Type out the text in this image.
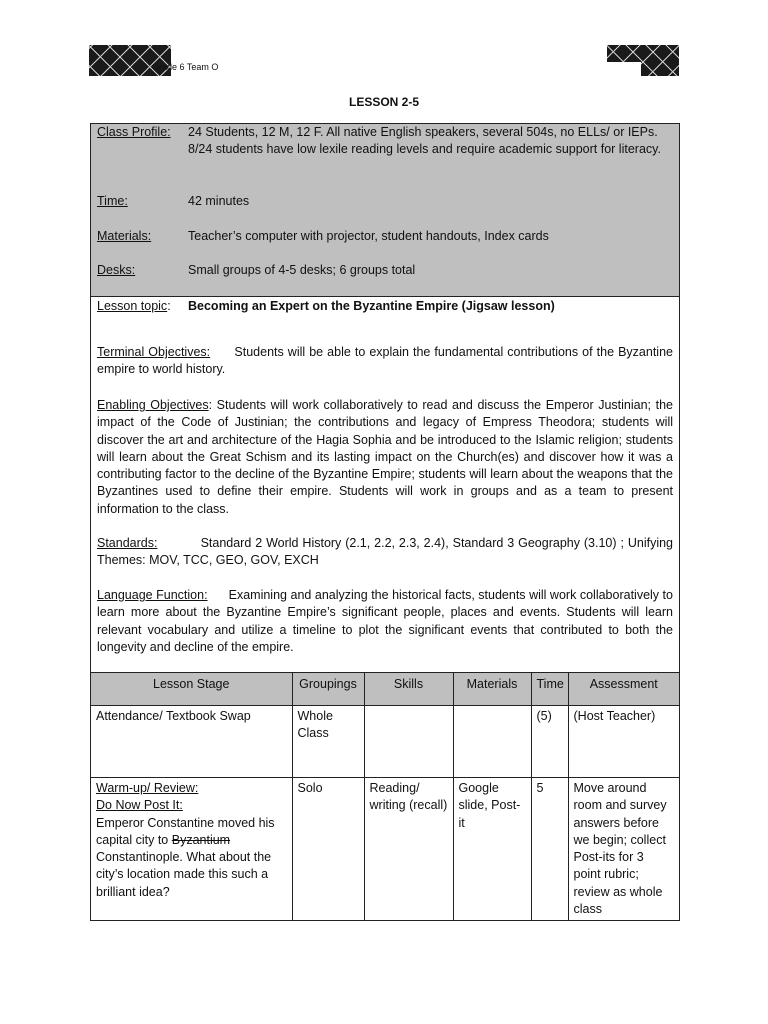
Grade 6 Team O
LESSON 2-5
Class Profile:	24 Students, 12 M, 12 F. All native English speakers, several 504s, no ELLs/ or IEPs. 8/24 students have low lexile reading levels and require academic support for literacy.
Time:	42 minutes
Materials:	Teacher’s computer with projector, student handouts, Index cards
Desks:	Small groups of 4-5 desks; 6 groups total
Lesson topic: Becoming an Expert on the Byzantine Empire (Jigsaw lesson)
Terminal Objectives: Students will be able to explain the fundamental contributions of the Byzantine empire to world history.
Enabling Objectives: Students will work collaboratively to read and discuss the Emperor Justinian; the impact of the Code of Justinian; the contributions and legacy of Empress Theodora; students will discover the art and architecture of the Hagia Sophia and be introduced to the Islamic religion; students will learn about the Great Schism and its lasting impact on the Church(es) and discover how it was a contributing factor to the decline of the Byzantine Empire; students will learn about the weapons that the Byzantines used to define their empire. Students will work in groups and as a team to present information to the class.
Standards:	Standard 2 World History (2.1, 2.2, 2.3, 2.4), Standard 3 Geography (3.10) ; Unifying Themes: MOV, TCC, GEO, GOV, EXCH
Language Function: Examining and analyzing the historical facts, students will work collaboratively to learn more about the Byzantine Empire’s significant people, places and events. Students will learn relevant vocabulary and utilize a timeline to plot the significant events that contributed to both the longevity and decline of the empire.
Lesson Stage	Groupings	Skills	Materials	Time	Assessment
Attendance/ Textbook Swap	Whole Class			(5)	(Host Teacher)

Warm-up/ Review:
Do Now Post It:
Emperor Constantine moved his capital city to Byzantium Constantinople. What about the city’s location made this such a brilliant idea?	Solo	Reading/ writing (recall)	Google slide, Post-it	5	Move around room and survey answers before we begin; collect Post-its for 3 point rubric; review as whole class
